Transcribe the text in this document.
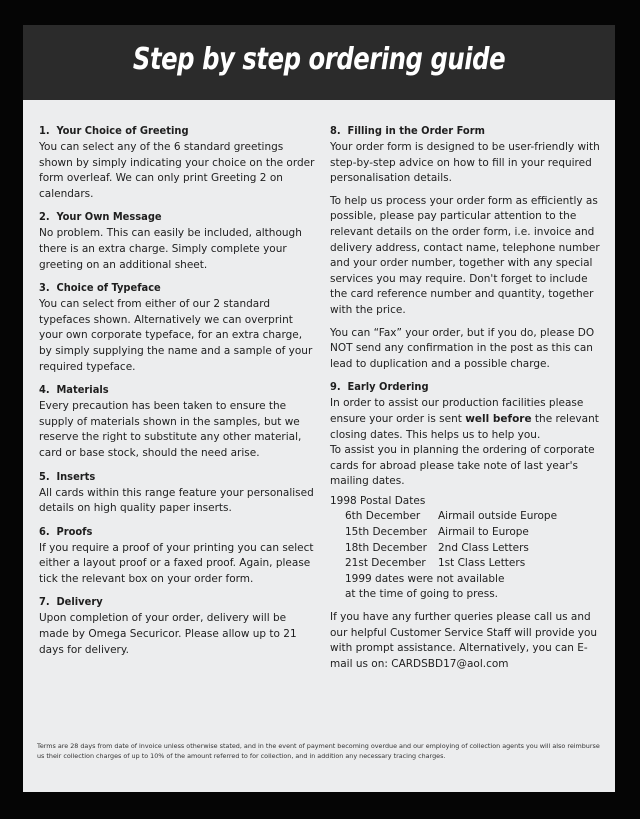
Step by step ordering guide
1. Your Choice of Greeting

You can select any of the 6 standard greetings shown by simply indicating your choice on the order form overleaf. We can only print Greeting 2 on calendars.

2. Your Own Message

No problem. This can easily be included, although there is an extra charge. Simply complete your greeting on an additional sheet.

3. Choice of Typeface

You can select from either of our 2 standard typefaces shown. Alternatively we can overprint your own corporate typeface, for an extra charge, by simply supplying the name and a sample of your required typeface.

4. Materials

Every precaution has been taken to ensure the supply of materials shown in the samples, but we reserve the right to substitute any other material, card or base stock, should the need arise.

5. Inserts

All cards within this range feature your personalised details on high quality paper inserts.

6. Proofs

If you require a proof of your printing you can select either a layout proof or a faxed proof. Again, please tick the relevant box on your order form.

7. Delivery

Upon completion of your order, delivery will be made by Omega Securicor. Please allow up to 21 days for delivery.

8. Filling in the Order Form

Your order form is designed to be user-friendly with step-by-step advice on how to fill in your required personalisation details.

To help us process your order form as efficiently as possible, please pay particular attention to the relevant details on the order form, i.e. invoice and delivery address, contact name, telephone number and your order number, together with any special services you may require. Don't forget to include the card reference number and quantity, together with the price.

You can “Fax” your order, but if you do, please DO NOT send any confirmation in the post as this can lead to duplication and a possible charge.

9. Early Ordering

In order to assist our production facilities please ensure your order is sent well before the relevant closing dates. This helps us to help you.

To assist you in planning the ordering of corporate cards for abroad please take note of last year's mailing dates.

1998 Postal Dates

6th December	Airmail outside Europe
15th December	Airmail to Europe
18th December	2nd Class Letters
21st December	1st Class Letters

1999 dates were not available

at the time of going to press.

If you have any further queries please call us and our helpful Customer Service Staff will provide you with prompt assistance. Alternatively, you can E-mail us on: CARDSBD17@aol.com

Terms are 28 days from date of invoice unless otherwise stated, and in the event of payment becoming overdue and our employing of collection agents you will also reimburse us their collection charges of up to 10% of the amount referred to for collection, and in addition any necessary tracing charges.
